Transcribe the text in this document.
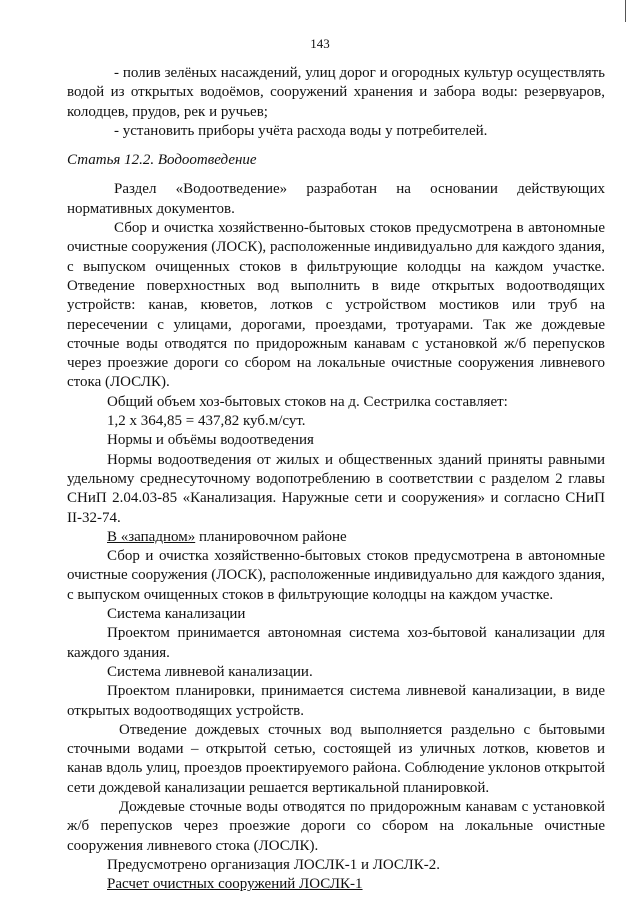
143

- полив зелёных насаждений, улиц дорог и огородных культур осуществлять водой из открытых водоёмов, сооружений хранения и забора воды: резервуаров, колодцев, прудов, рек и ручьев;

- установить приборы учёта расхода воды у потребителей.

Статья 12.2. Водоотведение

Раздел «Водоотведение» разработан на основании действующих нормативных документов.

Сбор и очистка хозяйственно-бытовых стоков предусмотрена в автономные очистные сооружения (ЛОСК), расположенные индивидуально для каждого здания, с выпуском очищенных стоков в фильтрующие колодцы на каждом участке. Отведение поверхностных вод выполнить в виде открытых водоотводящих устройств: канав, кюветов, лотков с устройством мостиков или труб на пересечении с улицами, дорогами, проездами, тротуарами. Так же дождевые сточные воды отводятся по придорожным канавам с установкой ж/б перепусков через проезжие дороги со сбором на локальные очистные сооружения ливневого стока (ЛОСЛК).

Общий объем хоз-бытовых стоков на д. Сестрилка составляет:

1,2 х 364,85 = 437,82 куб.м/сут.

Нормы и объёмы водоотведения

Нормы водоотведения от жилых и общественных зданий приняты равными удельному среднесуточному водопотреблению в соответствии с разделом 2 главы СНиП 2.04.03-85 «Канализация. Наружные сети и сооружения» и согласно СНиП II-32-74.

В «западном» планировочном районе

Сбор и очистка хозяйственно-бытовых стоков предусмотрена в автономные очистные сооружения (ЛОСК), расположенные индивидуально для каждого здания, с выпуском очищенных стоков в фильтрующие колодцы на каждом участке.

Система канализации

Проектом принимается автономная система хоз-бытовой канализации для каждого здания.

Система ливневой канализации.

Проектом планировки, принимается система ливневой канализации, в виде открытых водоотводящих устройств.

Отведение дождевых сточных вод выполняется раздельно с бытовыми сточными водами – открытой сетью, состоящей из уличных лотков, кюветов и канав вдоль улиц, проездов проектируемого района. Соблюдение уклонов открытой сети дождевой канализации решается вертикальной планировкой.

Дождевые сточные воды отводятся по придорожным канавам с установкой ж/б перепусков через проезжие дороги со сбором на локальные очистные сооружения ливневого стока (ЛОСЛК).

Предусмотрено организация ЛОСЛК-1 и ЛОСЛК-2.

Расчет очистных сооружений ЛОСЛК-1
